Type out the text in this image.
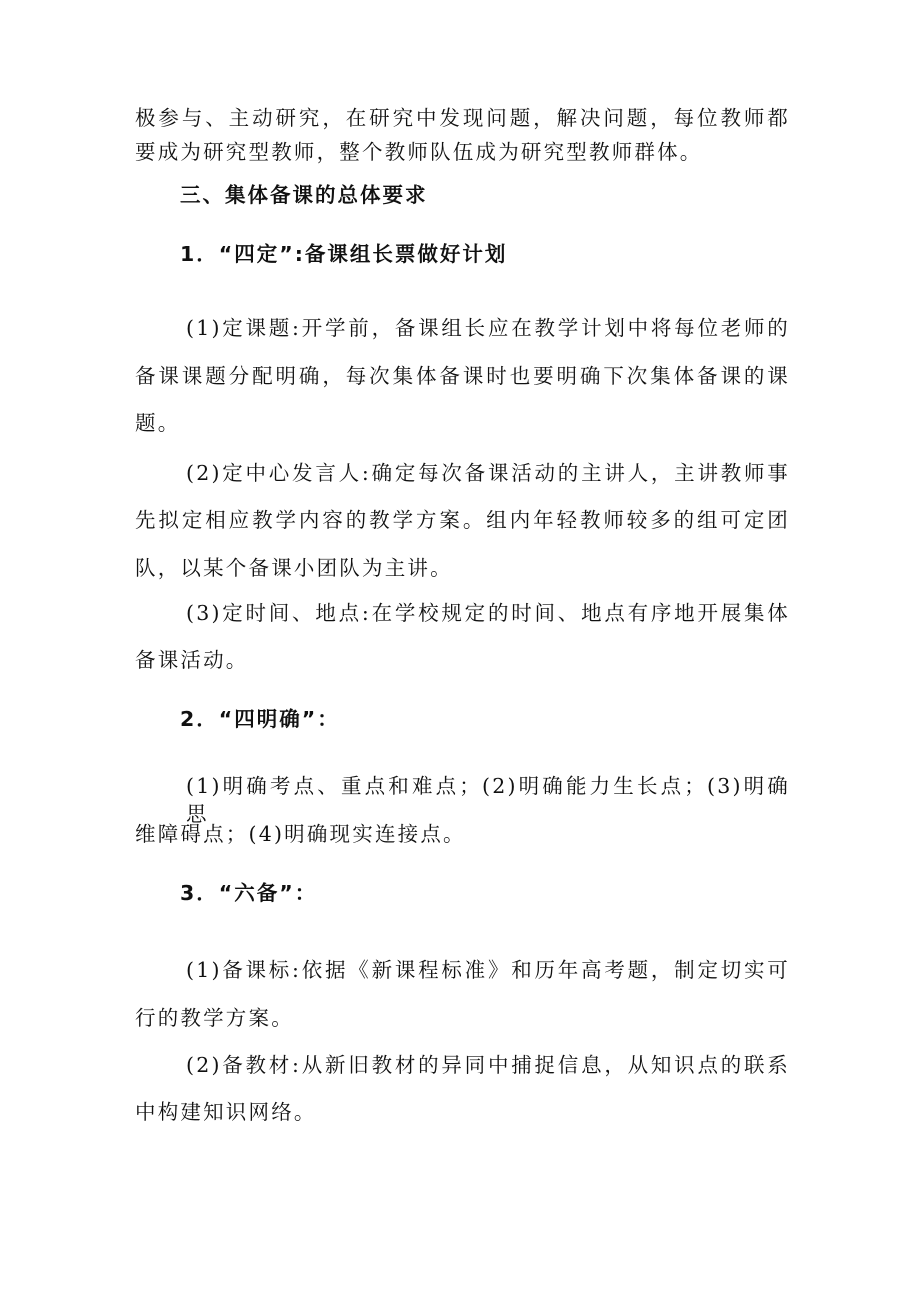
极参与、主动研究，在研究中发现问题，解决问题，每位教师都
要成为研究型教师，整个教师队伍成为研究型教师群体。
三、集体备课的总体要求
1．“四定”:备课组长票做好计划
(1)定课题:开学前，备课组长应在教学计划中将每位老师的
备课课题分配明确，每次集体备课时也要明确下次集体备课的课
题。
(2)定中心发言人:确定每次备课活动的主讲人，主讲教师事
先拟定相应教学内容的教学方案。组内年轻教师较多的组可定团
队，以某个备课小团队为主讲。
(3)定时间、地点:在学校规定的时间、地点有序地开展集体
备课活动。
2．“四明确”：
(1)明确考点、重点和难点；(2)明确能力生长点；(3)明确思
维障碍点；(4)明确现实连接点。
3．“六备”：
(1)备课标:依据《新课程标准》和历年高考题，制定切实可
行的教学方案。
(2)备教材:从新旧教材的异同中捕捉信息，从知识点的联系
中构建知识网络。
